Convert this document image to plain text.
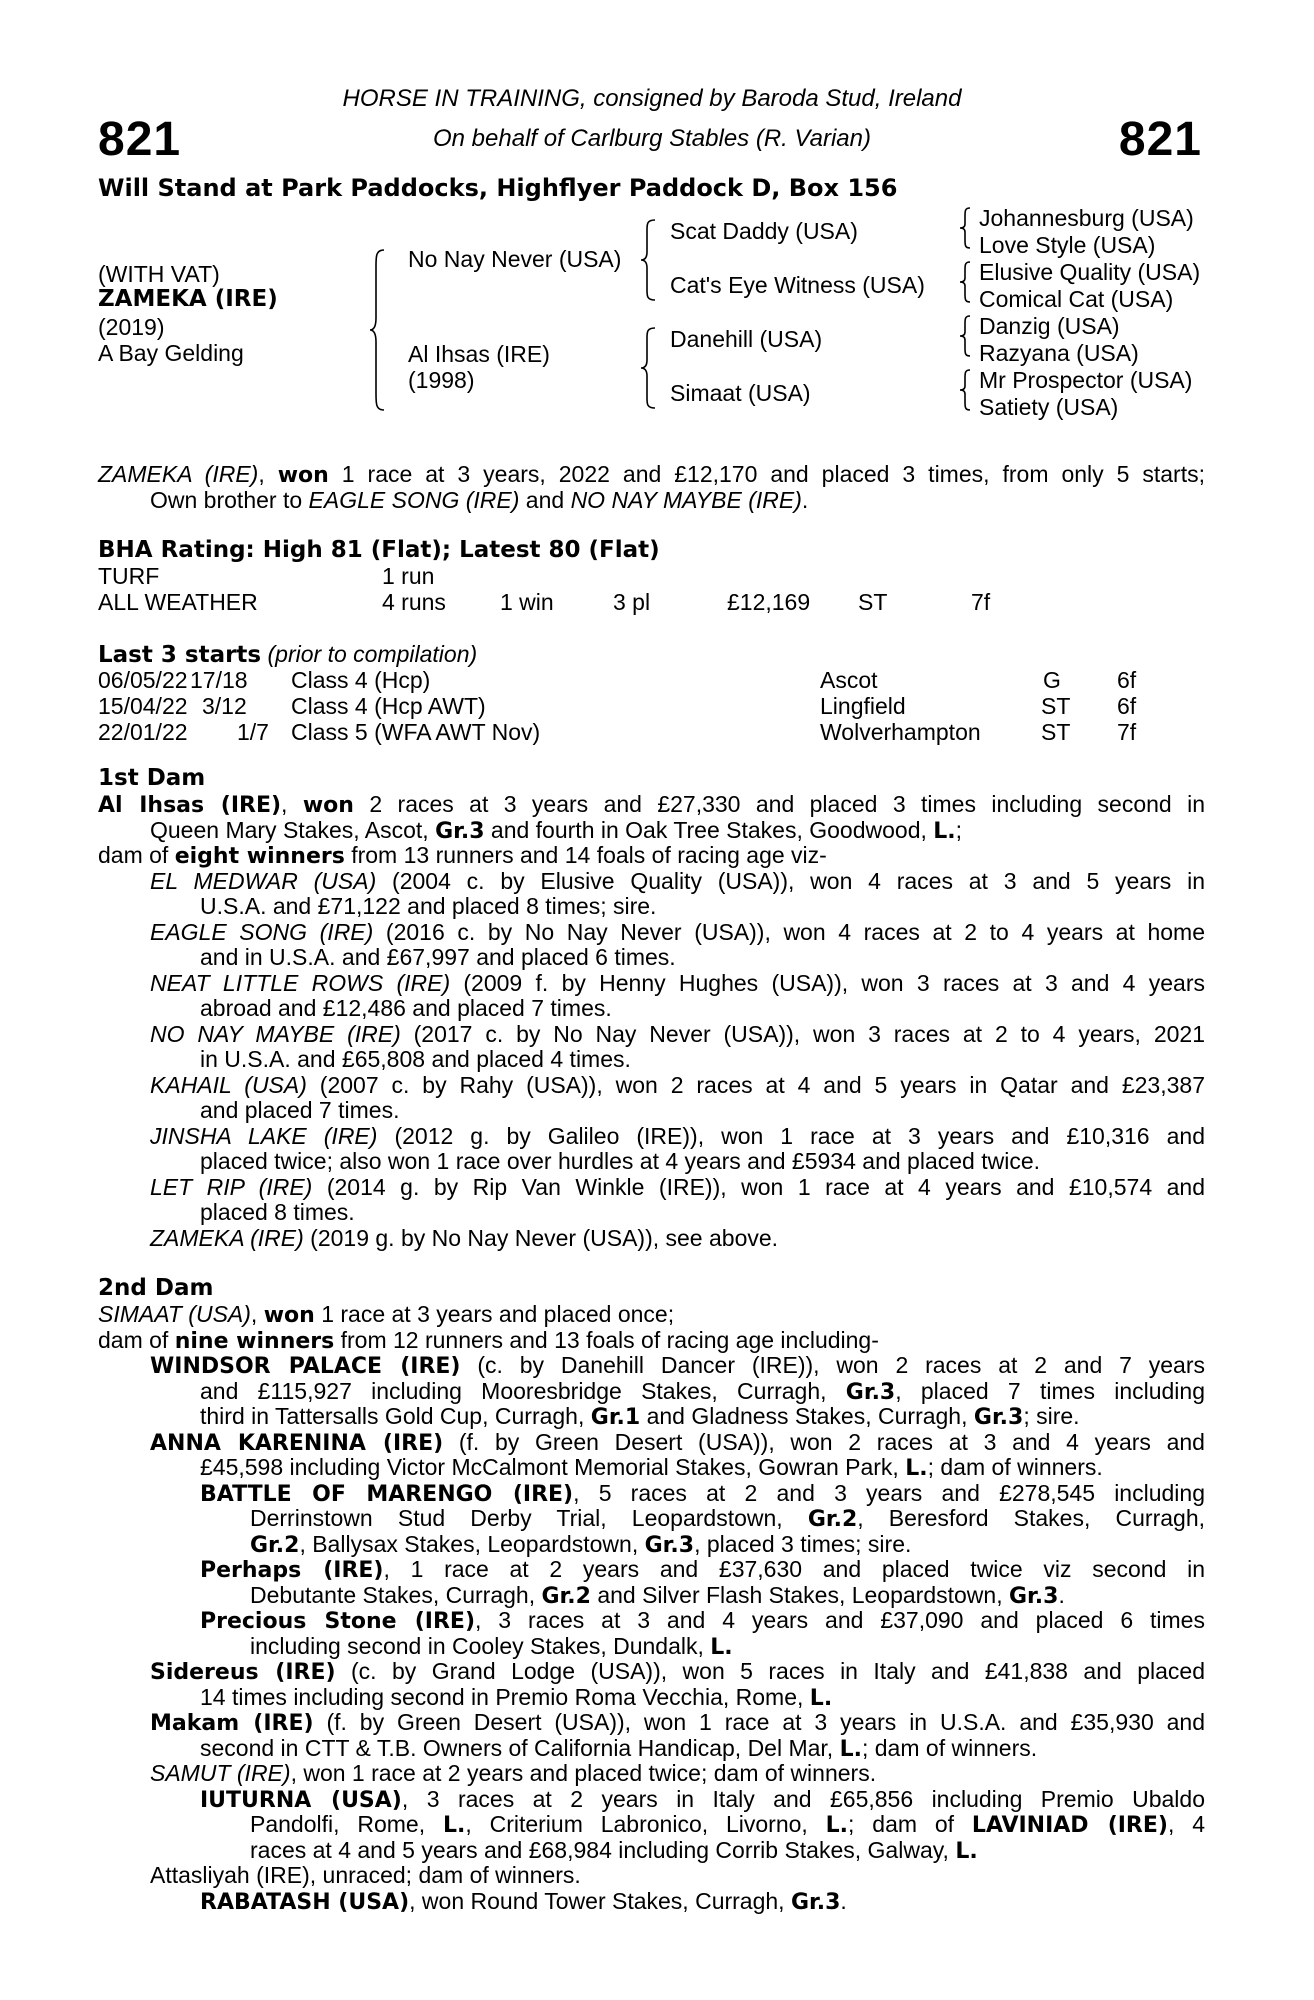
821	821
HORSE IN TRAINING, consigned by Baroda Stud, Ireland
On behalf of Carlburg Stables (R. Varian)
Will Stand at Park Paddocks, Highflyer Paddock D, Box 156
(WITH VAT)
ZAMEKA (IRE)
(2019)
A Bay Gelding
No Nay Never (USA)
Al Ihsas (IRE)
(1998)
Scat Daddy (USA)
Cat's Eye Witness (USA)
Danehill (USA)
Simaat (USA)
Johannesburg (USA)
Love Style (USA)
Elusive Quality (USA)
Comical Cat (USA)
Danzig (USA)
Razyana (USA)
Mr Prospector (USA)
Satiety (USA)
ZAMEKA (IRE), won 1 race at 3 years, 2022 and £12,170 and placed 3 times, from only 5 starts;
Own brother to EAGLE SONG (IRE) and NO NAY MAYBE (IRE).
BHA Rating: High 81 (Flat); Latest 80 (Flat)
TURF	1 run
ALL WEATHER	4 runs 1 win	3 pl	£12,169 ST	7f
Last 3 starts (prior to compilation)
06/05/22 17/18 Class 4 (Hcp)	Ascot	G 6f
15/04/22 3/12 Class 4 (Hcp AWT)	Lingfield	ST 6f
22/01/22 1/7 Class 5 (WFA AWT Nov)	Wolverhampton	ST 7f
1st Dam
Al Ihsas (IRE), won 2 races at 3 years and £27,330 and placed 3 times including second in
Queen Mary Stakes, Ascot, Gr.3 and fourth in Oak Tree Stakes, Goodwood, L.;
dam of eight winners from 13 runners and 14 foals of racing age viz-
EL MEDWAR (USA) (2004 c. by Elusive Quality (USA)), won 4 races at 3 and 5 years in
U.S.A. and £71,122 and placed 8 times; sire.
EAGLE SONG (IRE) (2016 c. by No Nay Never (USA)), won 4 races at 2 to 4 years at home
and in U.S.A. and £67,997 and placed 6 times.
NEAT LITTLE ROWS (IRE) (2009 f. by Henny Hughes (USA)), won 3 races at 3 and 4 years
abroad and £12,486 and placed 7 times.
NO NAY MAYBE (IRE) (2017 c. by No Nay Never (USA)), won 3 races at 2 to 4 years, 2021
in U.S.A. and £65,808 and placed 4 times.
KAHAIL (USA) (2007 c. by Rahy (USA)), won 2 races at 4 and 5 years in Qatar and £23,387
and placed 7 times.
JINSHA LAKE (IRE) (2012 g. by Galileo (IRE)), won 1 race at 3 years and £10,316 and
placed twice; also won 1 race over hurdles at 4 years and £5934 and placed twice.
LET RIP (IRE) (2014 g. by Rip Van Winkle (IRE)), won 1 race at 4 years and £10,574 and
placed 8 times.
ZAMEKA (IRE) (2019 g. by No Nay Never (USA)), see above.
2nd Dam
SIMAAT (USA), won 1 race at 3 years and placed once;
dam of nine winners from 12 runners and 13 foals of racing age including-
WINDSOR PALACE (IRE) (c. by Danehill Dancer (IRE)), won 2 races at 2 and 7 years
and £115,927 including Mooresbridge Stakes, Curragh, Gr.3, placed 7 times including
third in Tattersalls Gold Cup, Curragh, Gr.1 and Gladness Stakes, Curragh, Gr.3; sire.
ANNA KARENINA (IRE) (f. by Green Desert (USA)), won 2 races at 3 and 4 years and
£45,598 including Victor McCalmont Memorial Stakes, Gowran Park, L.; dam of winners.
BATTLE OF MARENGO (IRE), 5 races at 2 and 3 years and £278,545 including
Derrinstown Stud Derby Trial, Leopardstown, Gr.2, Beresford Stakes, Curragh,
Gr.2, Ballysax Stakes, Leopardstown, Gr.3, placed 3 times; sire.
Perhaps (IRE), 1 race at 2 years and £37,630 and placed twice viz second in
Debutante Stakes, Curragh, Gr.2 and Silver Flash Stakes, Leopardstown, Gr.3.
Precious Stone (IRE), 3 races at 3 and 4 years and £37,090 and placed 6 times
including second in Cooley Stakes, Dundalk, L.
Sidereus (IRE) (c. by Grand Lodge (USA)), won 5 races in Italy and £41,838 and placed
14 times including second in Premio Roma Vecchia, Rome, L.
Makam (IRE) (f. by Green Desert (USA)), won 1 race at 3 years in U.S.A. and £35,930 and
second in CTT & T.B. Owners of California Handicap, Del Mar, L.; dam of winners.
SAMUT (IRE), won 1 race at 2 years and placed twice; dam of winners.
IUTURNA (USA), 3 races at 2 years in Italy and £65,856 including Premio Ubaldo
Pandolfi, Rome, L., Criterium Labronico, Livorno, L.; dam of LAVINIAD (IRE), 4
races at 4 and 5 years and £68,984 including Corrib Stakes, Galway, L.
Attasliyah (IRE), unraced; dam of winners.
RABATASH (USA), won Round Tower Stakes, Curragh, Gr.3.
